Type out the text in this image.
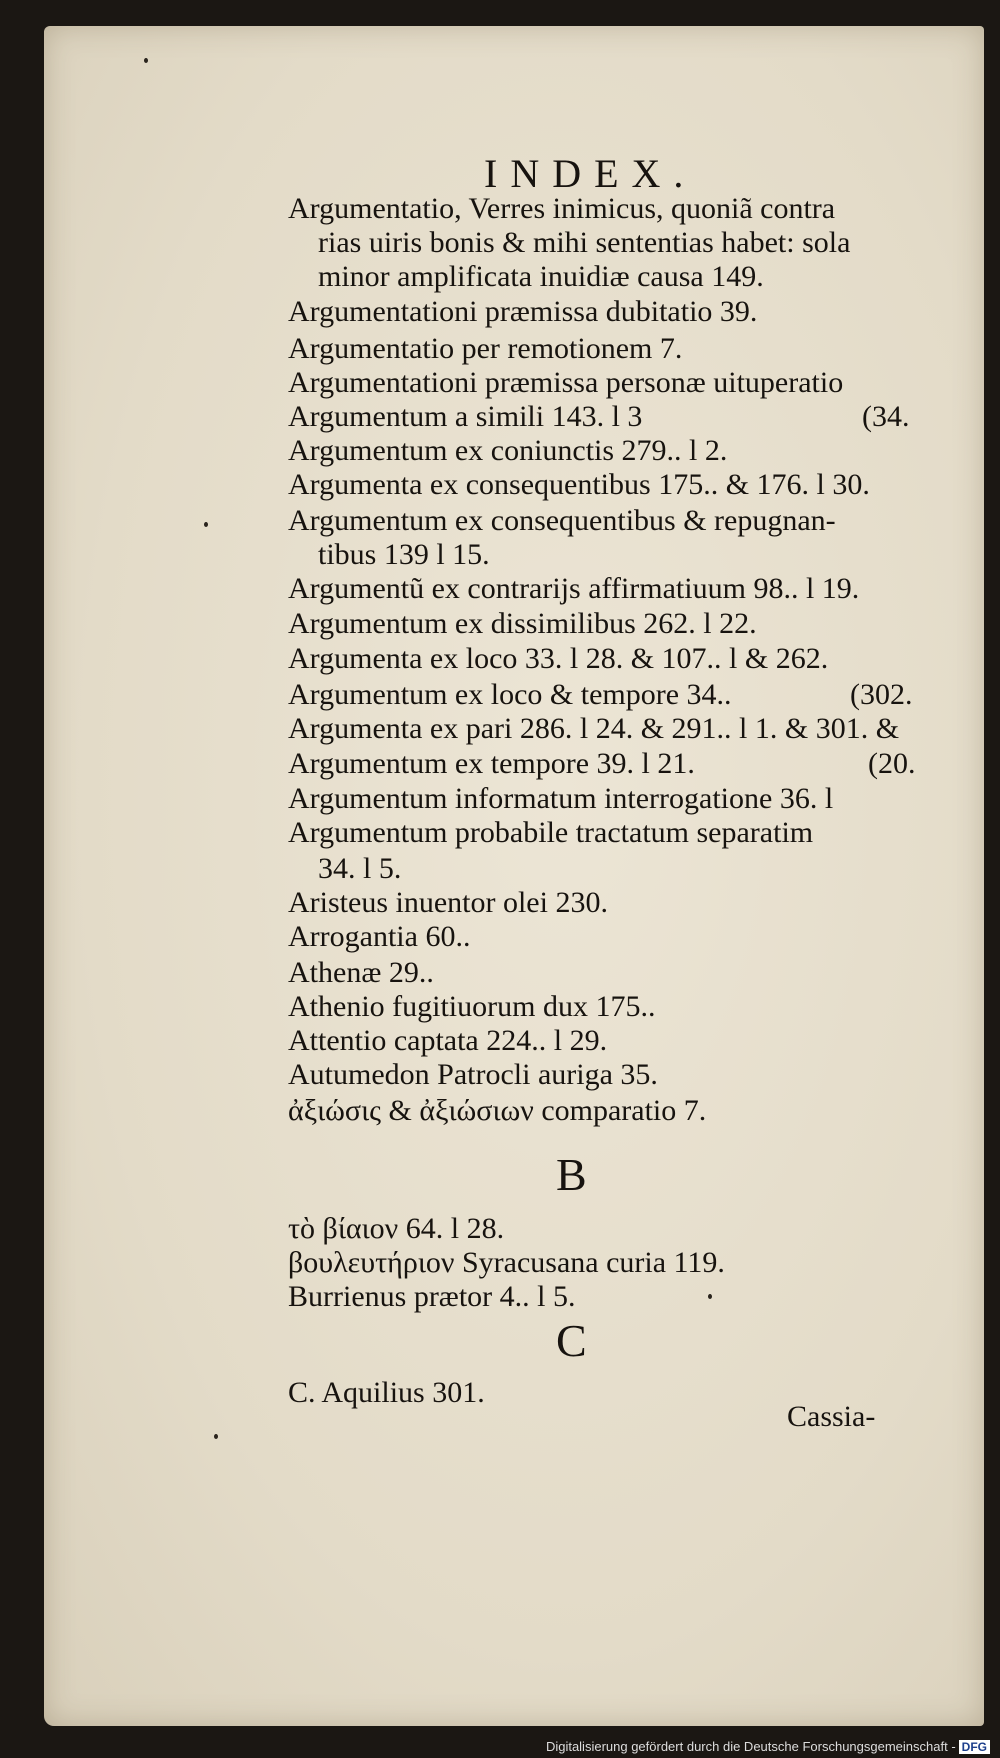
INDEX.
Argumentatio, Verres inimicus, quoniã contra
rias uiris bonis & mihi sententias habet: sola
minor amplificata inuidiæ causa 149.
Argumentationi præmissa dubitatio 39.
Argumentatio per remotionem 7.
Argumentationi præmissa personæ uituperatio
Argumentum a simili 143. l 3	(34.
Argumentum ex coniunctis 279.. l 2.
Argumenta ex consequentibus 175.. & 176. l 30.
Argumentum ex consequentibus & repugnan-
tibus 139 l 15.
Argumentũ ex contrarijs affirmatiuum 98.. l 19.
Argumentum ex dissimilibus 262. l 22.
Argumenta ex loco 33. l 28. & 107.. l & 262.
Argumentum ex loco & tempore 34..	(302.
Argumenta ex pari 286. l 24. & 291.. l 1. & 301. &
Argumentum ex tempore 39. l 21.	(20.
Argumentum informatum interrogatione 36. l
Argumentum probabile tractatum separatim
34. l 5.
Aristeus inuentor olei 230.
Arrogantia 60..
Athenæ 29..
Athenio fugitiuorum dux 175..
Attentio captata 224.. l 29.
Autumedon Patrocli auriga 35.
ἀξιώσις & ἀξιώσιων comparatio 7.
B
τὸ βίαιον 64. l 28.
βουλευτήριον Syracusana curia 119.
Burrienus prætor 4.. l 5.
C
C. Aquilius 301.
Cassia-
Digitalisierung gefördert durch die Deutsche Forschungsgemeinschaft - DFG
